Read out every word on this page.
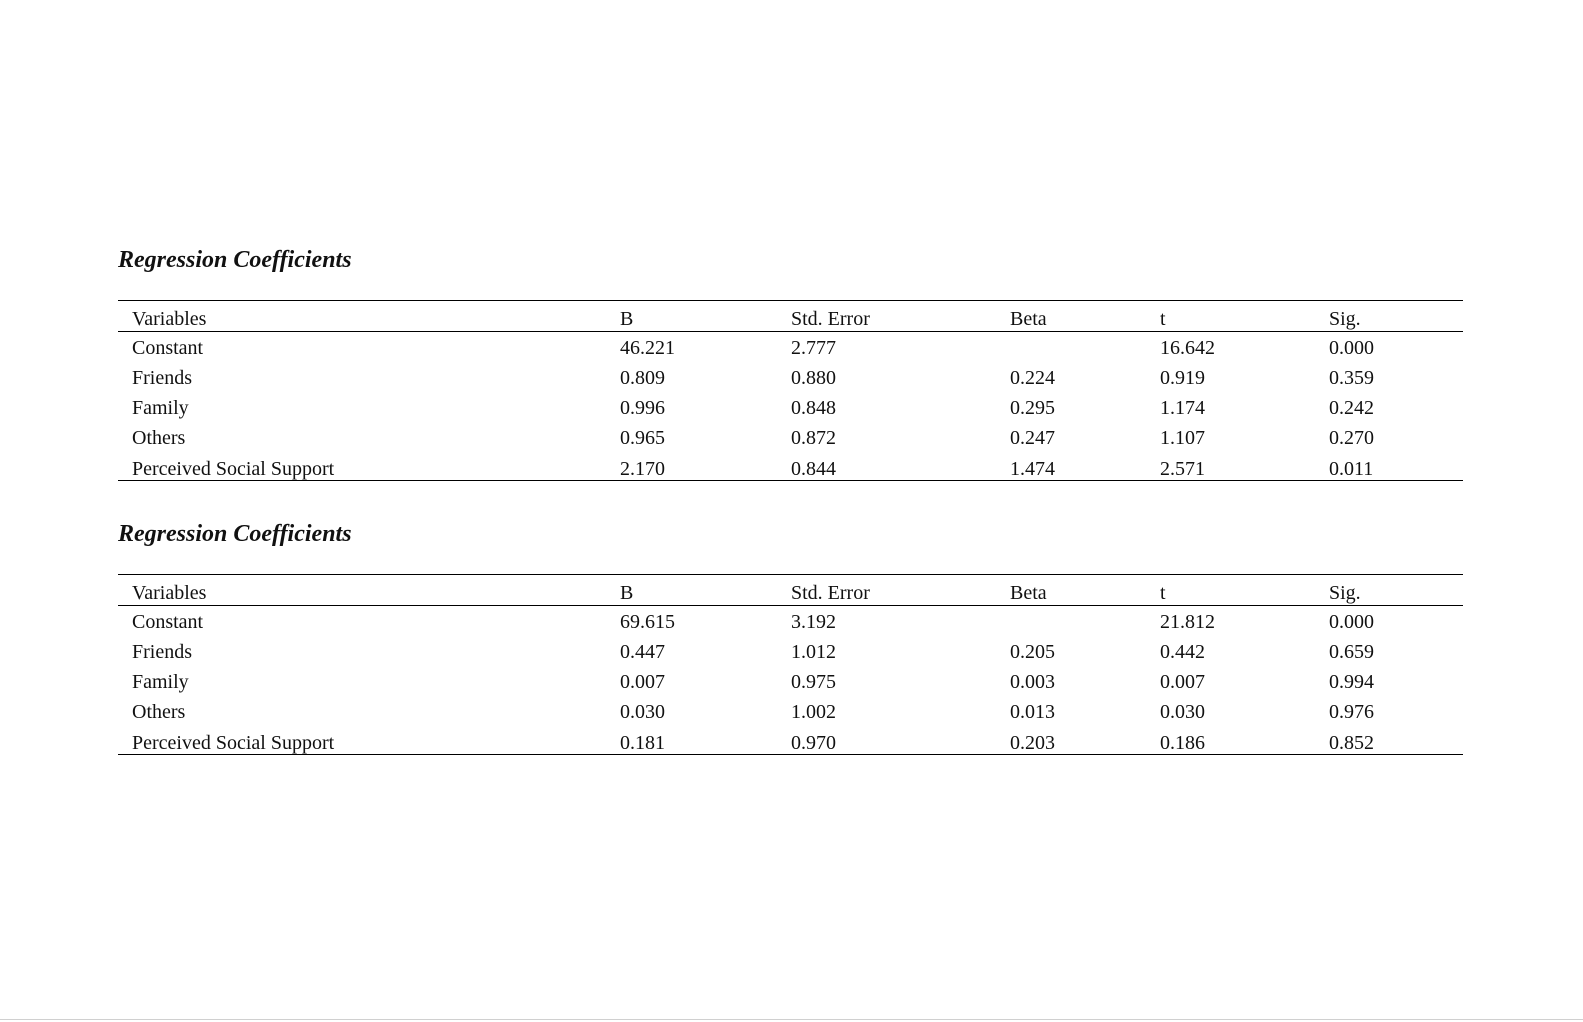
Regression Coefficients
Variables	B	Std. Error	Beta	t	Sig.
Constant	46.221	2.777		16.642	0.000
Friends	0.809	0.880	0.224	0.919	0.359
Family	0.996	0.848	0.295	1.174	0.242
Others	0.965	0.872	0.247	1.107	0.270
Perceived Social Support	2.170	0.844	1.474	2.571	0.011
Regression Coefficients
Variables	B	Std. Error	Beta	t	Sig.
Constant	69.615	3.192		21.812	0.000
Friends	0.447	1.012	0.205	0.442	0.659
Family	0.007	0.975	0.003	0.007	0.994
Others	0.030	1.002	0.013	0.030	0.976
Perceived Social Support	0.181	0.970	0.203	0.186	0.852
